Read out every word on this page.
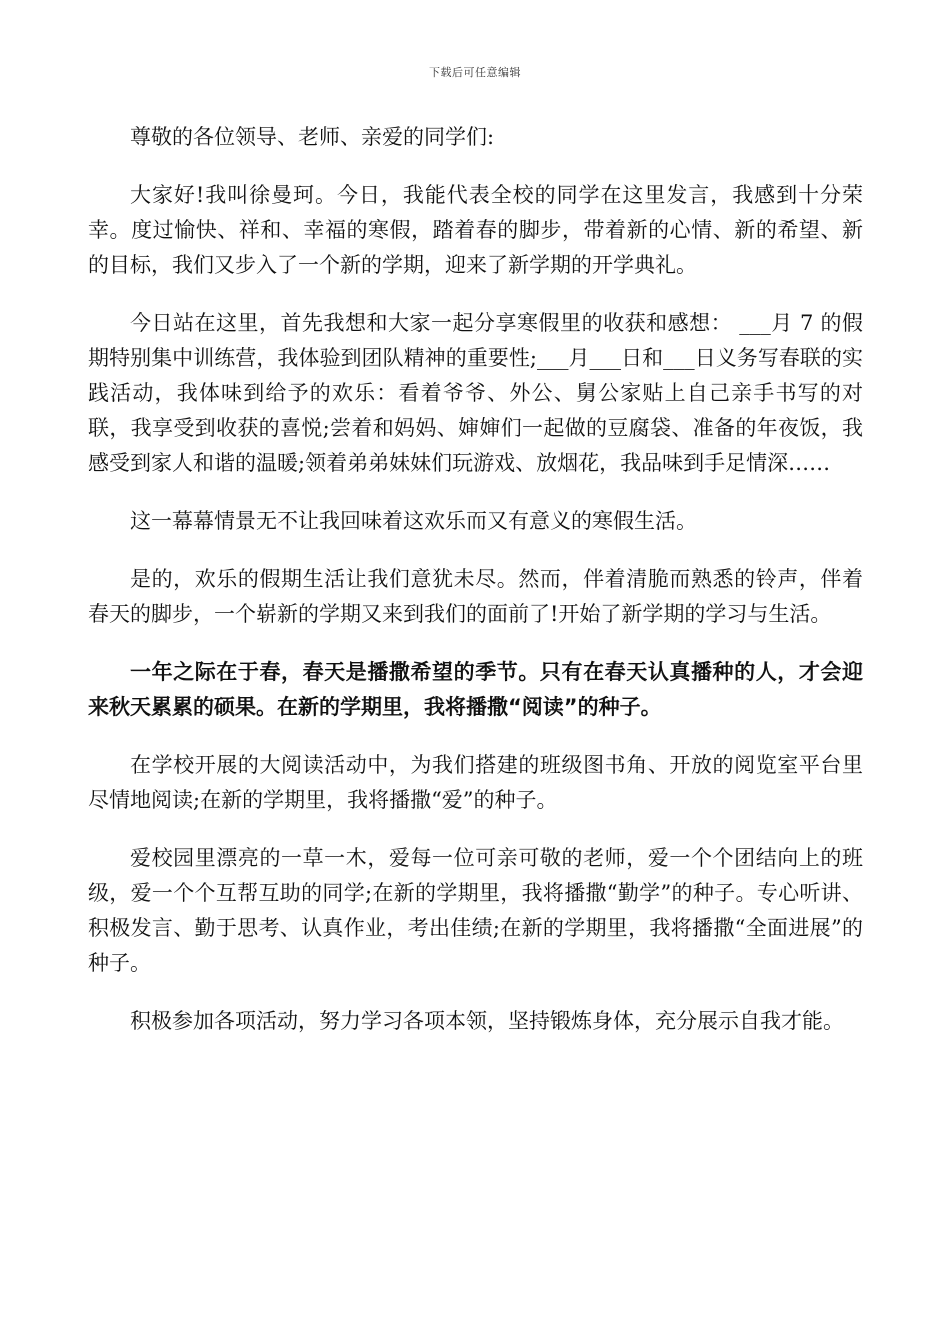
下载后可任意编辑

尊敬的各位领导、老师、亲爱的同学们:

大家好!我叫徐曼珂。今日，我能代表全校的同学在这里发言，我感到十分荣幸。度过愉快、祥和、幸福的寒假，踏着春的脚步，带着新的心情、新的希望、新的目标，我们又步入了一个新的学期，迎来了新学期的开学典礼。

今日站在这里，首先我想和大家一起分享寒假里的收获和感想： ___月 7 的假期特别集中训练营，我体验到团队精神的重要性;___月___日和___日义务写春联的实践活动，我体味到给予的欢乐：看着爷爷、外公、舅公家贴上自己亲手书写的对联，我享受到收获的喜悦;尝着和妈妈、婶婶们一起做的豆腐袋、准备的年夜饭，我感受到家人和谐的温暖;领着弟弟妹妹们玩游戏、放烟花，我品味到手足情深……

这一幕幕情景无不让我回味着这欢乐而又有意义的寒假生活。

是的，欢乐的假期生活让我们意犹未尽。然而，伴着清脆而熟悉的铃声，伴着春天的脚步，一个崭新的学期又来到我们的面前了!开始了新学期的学习与生活。

一年之际在于春，春天是播撒希望的季节。只有在春天认真播种的人，才会迎来秋天累累的硕果。在新的学期里，我将播撒“阅读”的种子。

在学校开展的大阅读活动中，为我们搭建的班级图书角、开放的阅览室平台里尽情地阅读;在新的学期里，我将播撒“爱”的种子。

爱校园里漂亮的一草一木，爱每一位可亲可敬的老师，爱一个个团结向上的班级，爱一个个互帮互助的同学;在新的学期里，我将播撒“勤学”的种子。专心听讲、积极发言、勤于思考、认真作业，考出佳绩;在新的学期里，我将播撒“全面进展”的种子。

积极参加各项活动，努力学习各项本领，坚持锻炼身体，充分展示自我才能。
